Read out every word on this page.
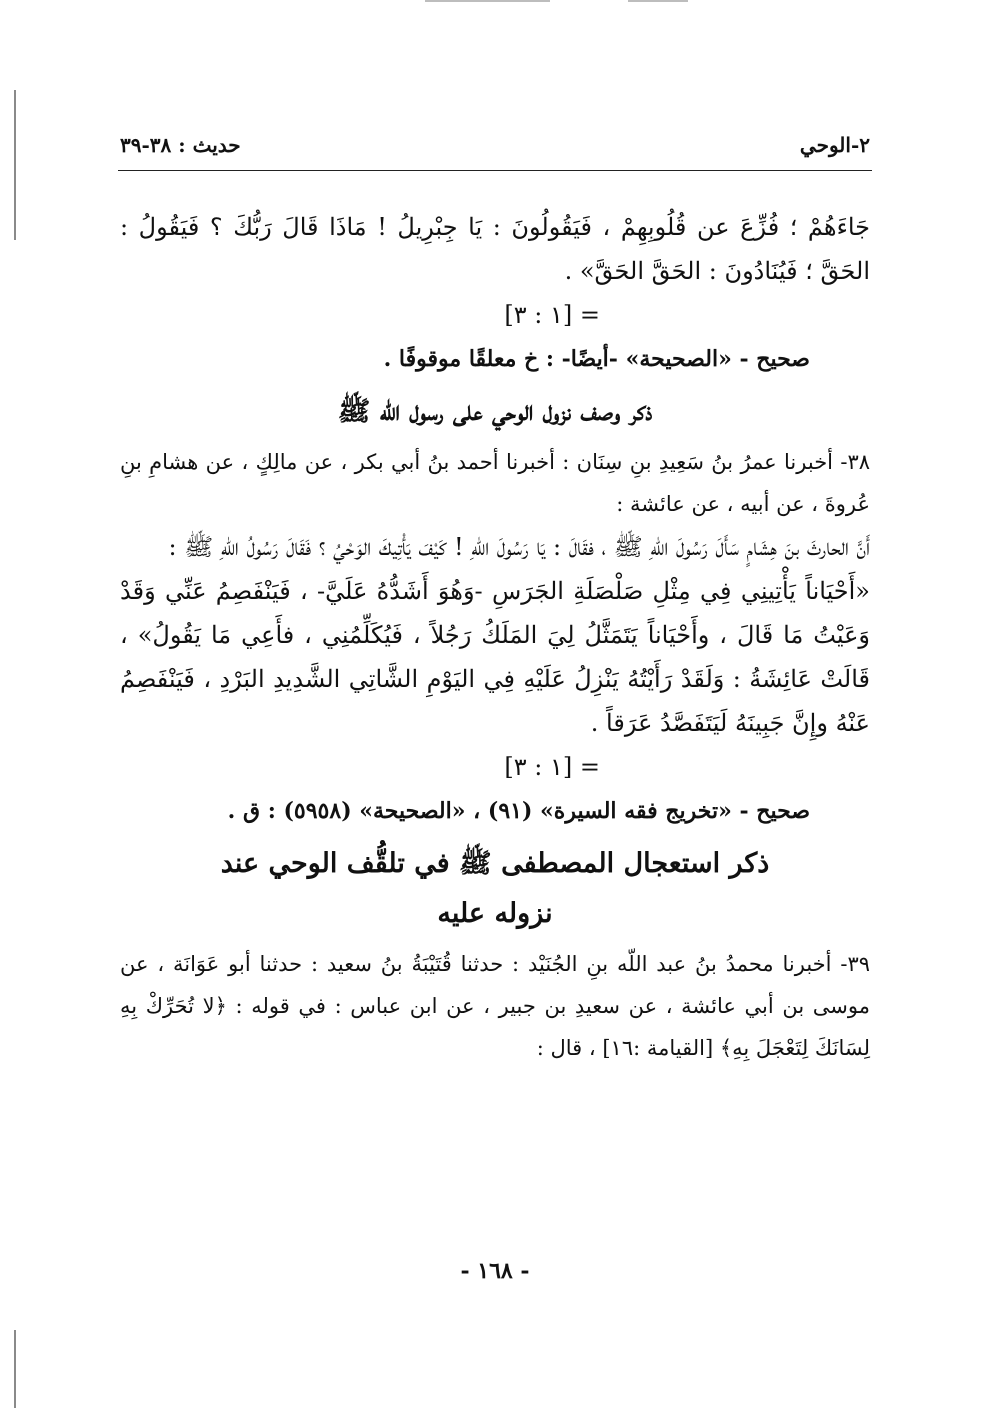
٢-الوحي
حديث : ٣٨-٣٩

جَاءَهُمْ ؛ فُزِّعَ عن قُلُوبِهِمْ ، فَيَقُولُونَ : يَا جِبْرِيلُ ! مَاذَا قَالَ رَبُّكَ ؟ فَيَقُولُ : الحَقَّ ؛ فَيُنَادُونَ : الحَقَّ الحَقَّ» .

= [١ : ٣]

صحيح - «الصحيحة» -أيضًا- : خ معلقًا موقوفًا .

ذكر وصف نزول الوحي على رسول اللّه ﷺ

٣٨- أخبرنا عمرُ بنُ سَعِيدِ بنِ سِنَان : أخبرنا أحمد بنُ أبي بكر ، عن مالِكٍ ، عن هشامِ بنِ عُروةَ ، عن أبيه ، عن عائشة :

أَنَّ الحارثَ بنَ هِشَامٍ سَأَلَ رَسُولَ اللّهِ ﷺ ، فقَالَ : يَا رَسُولَ اللّهِ ! كَيْفَ يَأْتِيكَ الوَحْيُ ؟ فَقَالَ رَسُولُ اللّهِ ﷺ :

«أَحْيَاناً يَأْتِينِي فِي مِثْلِ صَلْصَلَةِ الجَرَسِ -وَهُوَ أَشَدُّهُ عَلَيَّ- ، فَيَنْفَصِمُ عَنِّي وَقَدْ وَعَيْتُ مَا قَالَ ، وأَحْيَاناً يَتَمَثَّلُ لِيَ المَلَكُ رَجُلاً ، فَيُكَلِّمُنِي ، فأَعِي مَا يَقُولُ» ، قَالَتْ عَائِشَةُ : وَلَقَدْ رَأَيْتُهُ يَنْزِلُ عَلَيْهِ فِي اليَوْمِ الشَّاتِي الشَّدِيدِ البَرْدِ ، فَيَنْفَصِمُ عَنْهُ وإِنَّ جَبِينَهُ لَيَتَفَصَّدُ عَرَقاً .

= [١ : ٣]

صحيح - «تخريج فقه السيرة» (٩١) ، «الصحيحة» (٥٩٥٨) : ق .

ذكر استعجال المصطفى ﷺ في تلقُّف الوحي عند

نزوله عليه

٣٩- أخبرنا محمدُ بنُ عبد اللّه بنِ الجُنَيْد : حدثنا قُتَيْبَةُ بنُ سعيد : حدثنا أبو عَوَانَة ، عن موسى بن أبي عائشة ، عن سعيدِ بن جبير ، عن ابن عباس : في قوله : ﴿لا تُحَرِّكْ بِهِ لِسَانَكَ لِتَعْجَلَ بِهِ﴾ [القيامة :١٦] ، قال :

- ١٦٨ -
